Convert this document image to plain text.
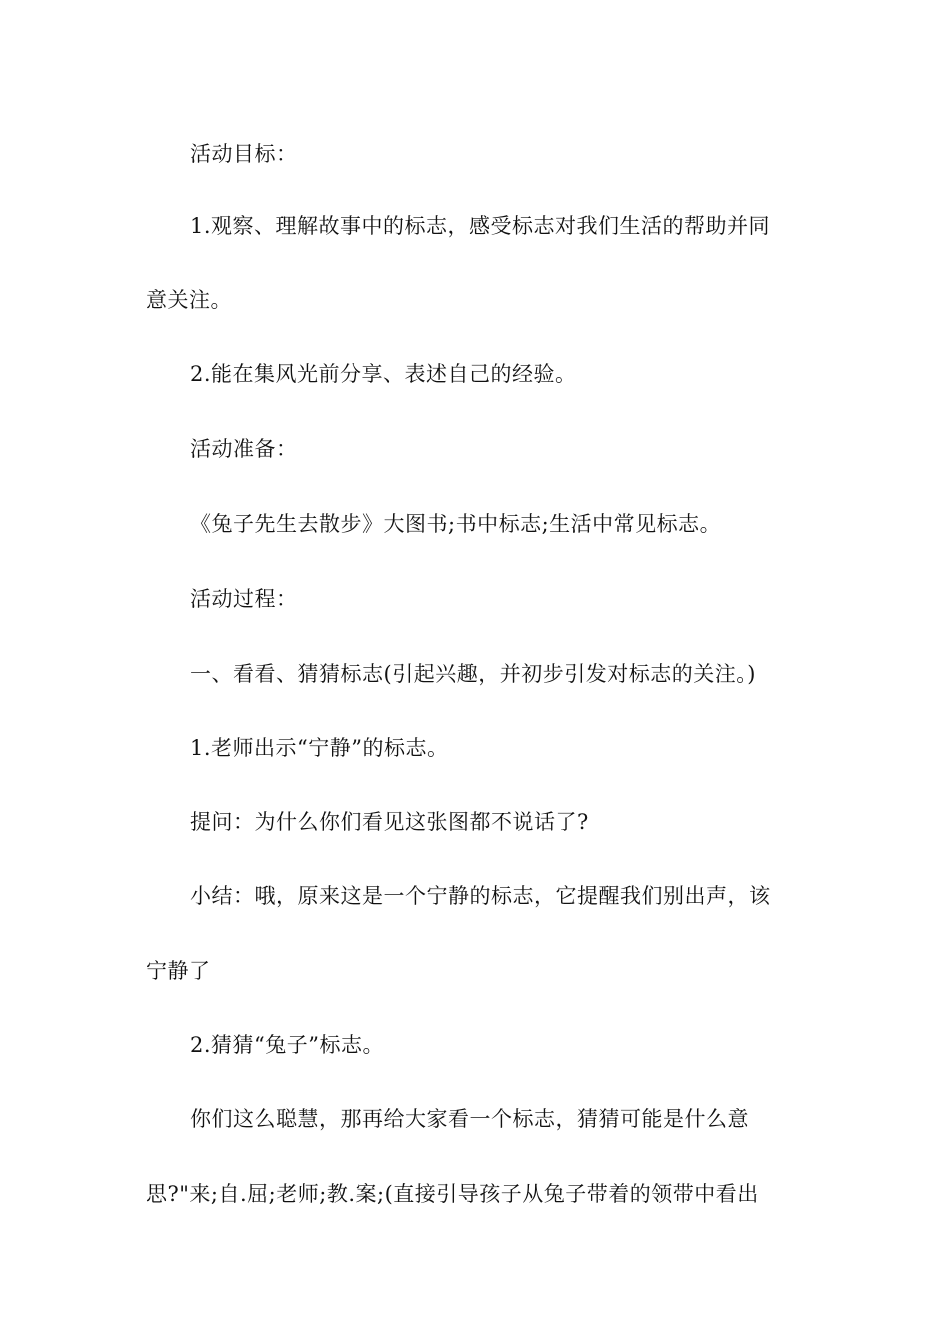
活动目标：
1.观察、理解故事中的标志，感受标志对我们生活的帮助并同
意关注。
2.能在集风光前分享、表述自己的经验。
活动准备：
《兔子先生去散步》大图书;书中标志;生活中常见标志。
活动过程：
一、看看、猜猜标志(引起兴趣，并初步引发对标志的关注。)
1.老师出示“宁静”的标志。
提问：为什么你们看见这张图都不说话了?
小结：哦，原来这是一个宁静的标志，它提醒我们别出声，该
宁静了
2.猜猜“兔子”标志。
你们这么聪慧，那再给大家看一个标志，猜猜可能是什么意
思?"来;自.屈;老师;教.案;(直接引导孩子从兔子带着的领带中看出
